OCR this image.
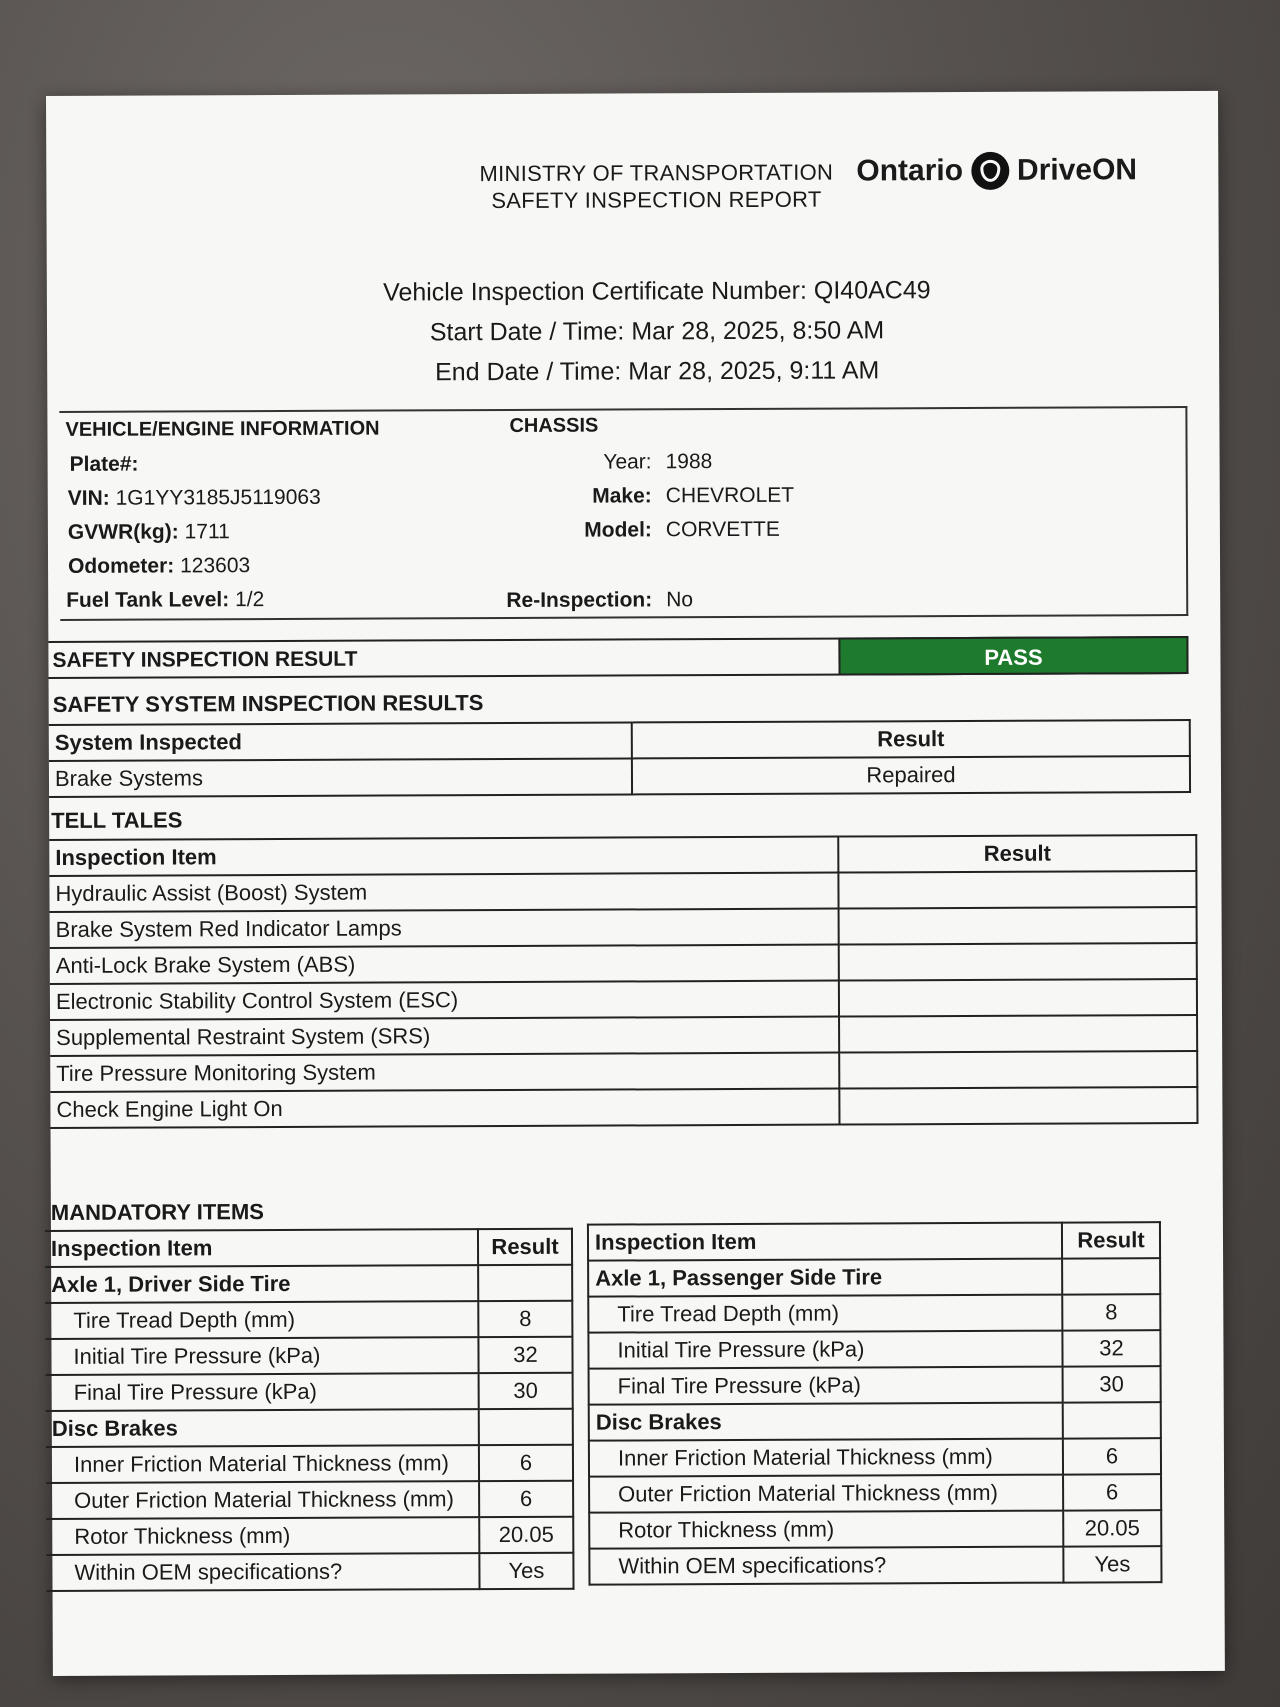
MINISTRY OF TRANSPORTATION
SAFETY INSPECTION REPORT
Ontario DriveON
Vehicle Inspection Certificate Number: QI40AC49
Start Date / Time: Mar 28, 2025, 8:50 AM
End Date / Time: Mar 28, 2025, 9:11 AM
VEHICLE/ENGINE INFORMATION	CHASSIS
Plate#:
VIN: 1G1YY3185J5119063
GVWR(kg): 1711
Odometer: 123603
Fuel Tank Level: 1/2
Year: 1988
Make: CHEVROLET
Model: CORVETTE
Re-Inspection: No
SAFETY INSPECTION RESULT	PASS
SAFETY SYSTEM INSPECTION RESULTS
System Inspected	Result
Brake Systems	Repaired
TELL TALES
Inspection Item	Result
Hydraulic Assist (Boost) System	
Brake System Red Indicator Lamps	
Anti-Lock Brake System (ABS)	
Electronic Stability Control System (ESC)	
Supplemental Restraint System (SRS)	
Tire Pressure Monitoring System	
Check Engine Light On	
MANDATORY ITEMS
Inspection Item	Result
Axle 1, Driver Side Tire	
Tire Tread Depth (mm)	8
Initial Tire Pressure (kPa)	32
Final Tire Pressure (kPa)	30
Disc Brakes	
Inner Friction Material Thickness (mm)	6
Outer Friction Material Thickness (mm)	6
Rotor Thickness (mm)	20.05
Within OEM specifications?	Yes
Inspection Item	Result
Axle 1, Passenger Side Tire	
Tire Tread Depth (mm)	8
Initial Tire Pressure (kPa)	32
Final Tire Pressure (kPa)	30
Disc Brakes	
Inner Friction Material Thickness (mm)	6
Outer Friction Material Thickness (mm)	6
Rotor Thickness (mm)	20.05
Within OEM specifications?	Yes
